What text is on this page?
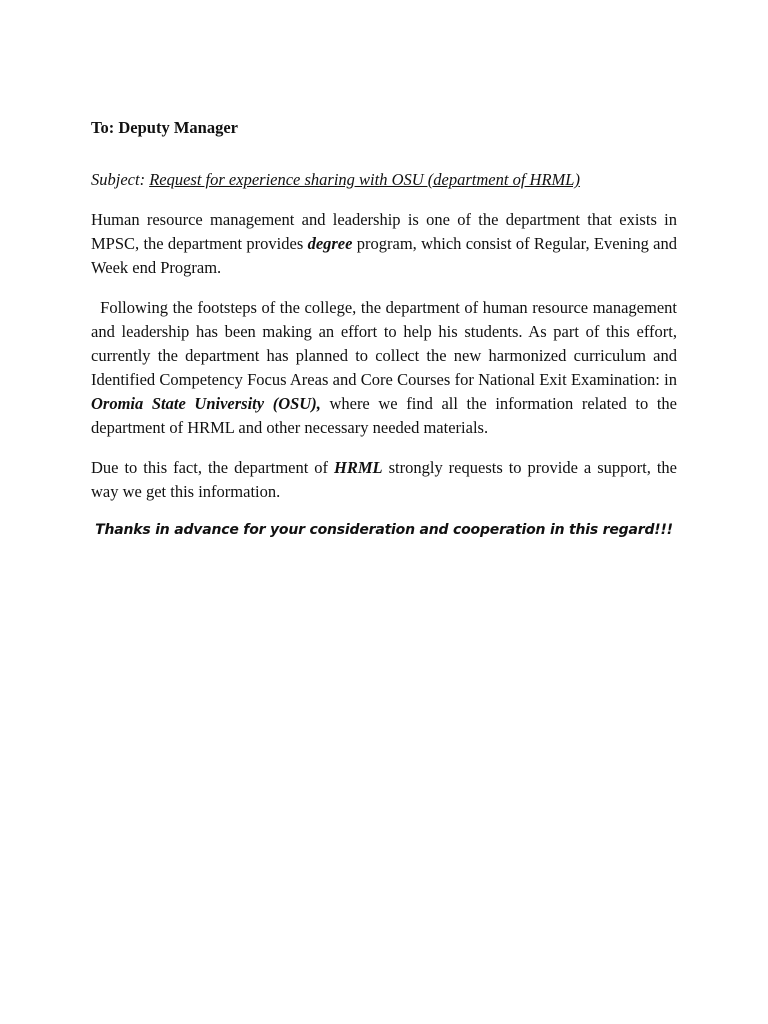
To: Deputy Manager
Subject: Request for experience sharing with OSU (department of HRML)

Human resource management and leadership is one of the department that exists in MPSC, the department provides degree program, which consist of Regular, Evening and Week end Program.

Following the footsteps of the college, the department of human resource management and leadership has been making an effort to help his students. As part of this effort, currently the department has planned to collect the new harmonized curriculum and Identified Competency Focus Areas and Core Courses for National Exit Examination: in Oromia State University (OSU), where we find all the information related to the department of HRML and other necessary needed materials.

Due to this fact, the department of HRML strongly requests to provide a support, the way we get this information.

Thanks in advance for your consideration and cooperation in this regard!!!
